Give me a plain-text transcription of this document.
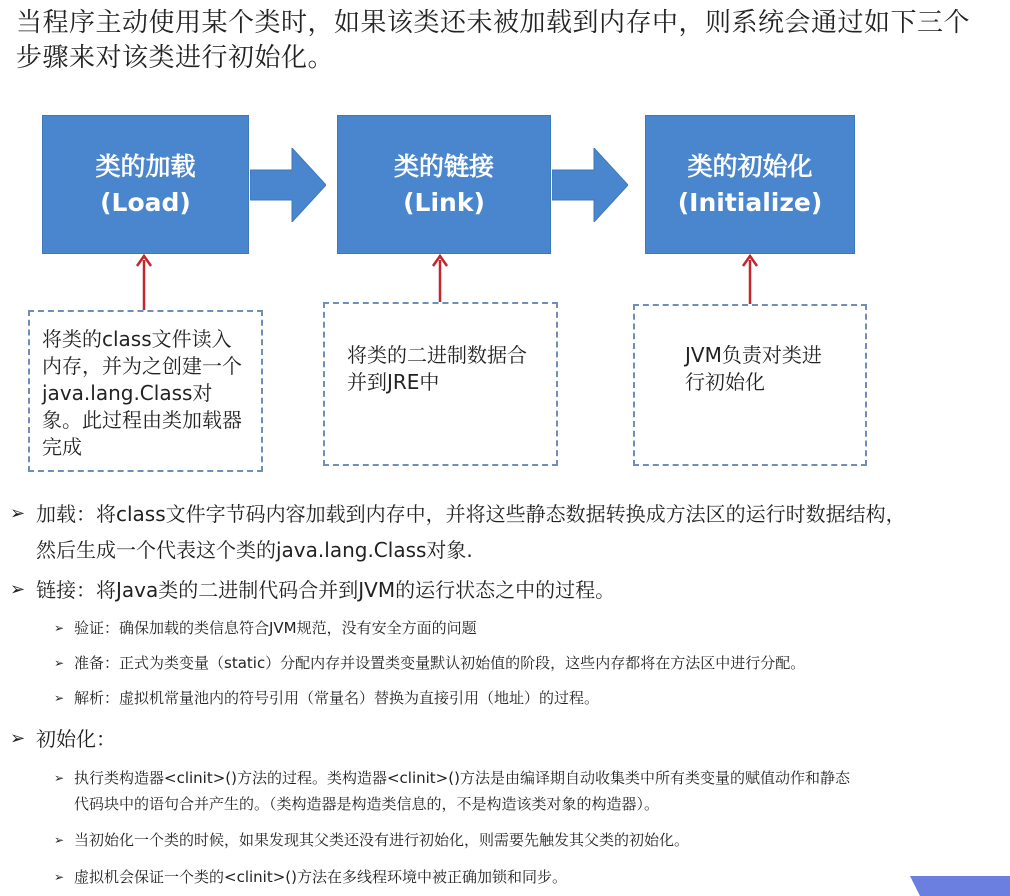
当程序主动使用某个类时，如果该类还未被加载到内存中，则系统会通过如下三个步骤来对该类进行初始化。

类的加载
(Load)
类的链接
(Link)
类的初始化
(Initialize)
将类的class文件读入内存，并为之创建一个java.lang.Class对象。此过程由类加载器完成
将类的二进制数据合并到JRE中
JVM负责对类进行初始化
➢ 加载：将class文件字节码内容加载到内存中，并将这些静态数据转换成方法区的运行时数据结构，
然后生成一个代表这个类的java.lang.Class对象.
➢ 链接：将Java类的二进制代码合并到JVM的运行状态之中的过程。
➢ 验证：确保加载的类信息符合JVM规范，没有安全方面的问题
➢ 准备：正式为类变量（static）分配内存并设置类变量默认初始值的阶段，这些内存都将在方法区中进行分配。
➢ 解析：虚拟机常量池内的符号引用（常量名）替换为直接引用（地址）的过程。
➢ 初始化：
➢ 执行类构造器<clinit>()方法的过程。类构造器<clinit>()方法是由编译期自动收集类中所有类变量的赋值动作和静态
代码块中的语句合并产生的。（类构造器是构造类信息的，不是构造该类对象的构造器）。
➢ 当初始化一个类的时候，如果发现其父类还没有进行初始化，则需要先触发其父类的初始化。
➢ 虚拟机会保证一个类的<clinit>()方法在多线程环境中被正确加锁和同步。
